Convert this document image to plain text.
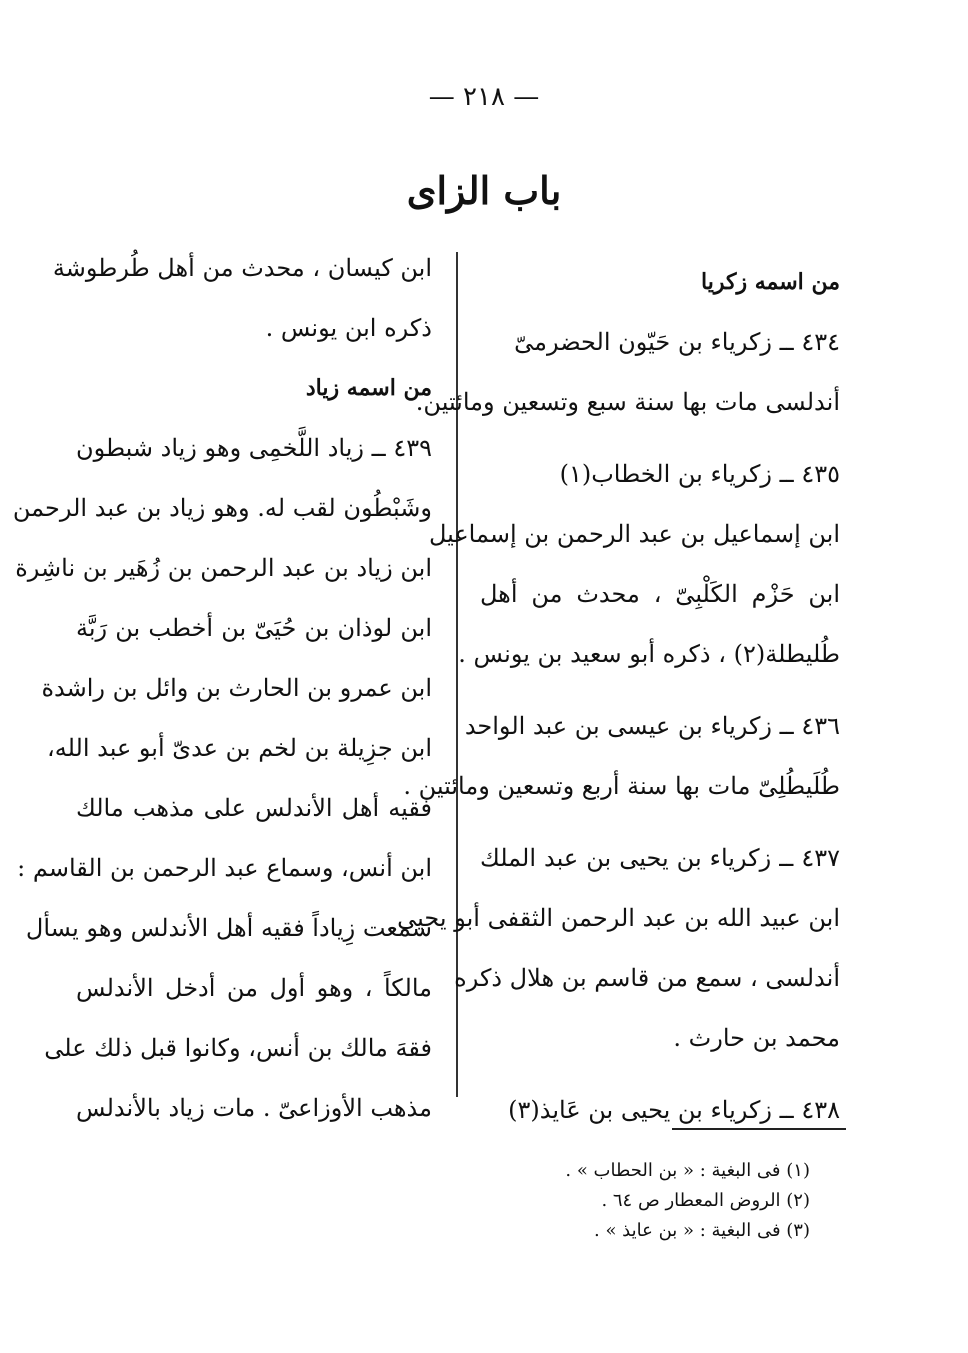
— ٢١٨ —
باب الزاى
من اسمه زكريا
٤٣٤ ــ زكرياء بن حَيّون الحضرمىّ
أندلسى مات بها سنة سبع وتسعين ومائتين.
٤٣٥ ــ زكرياء بن الخطاب(١)
ابن إسماعيل بن عبد الرحمن بن إسماعيل
ابن حَزْم الكَلْبِىّ ، محدث من أهل
طُليطلة(٢) ، ذكره أبو سعيد بن يونس .
٤٣٦ ــ زكرياء بن عيسى بن عبد الواحد
طُلَيطُلِىّ مات بها سنة أربع وتسعين ومائتين .
٤٣٧ ــ زكرياء بن يحيى بن عبد الملك
ابن عبيد الله بن عبد الرحمن الثقفى أبو يحيى
أندلسى ، سمع من قاسم بن هلال ذكره
محمد بن حارث .
٤٣٨ ــ زكرياء بن يحيى بن عَايذ(٣)
ابن كيسان ، محدث من أهل طُرطوشة
ذكره ابن يونس .
من اسمه زياد
٤٣٩ ــ زياد اللَّخمِى وهو زياد شبطون
وشَبْطُون لقب له. وهو زياد بن عبد الرحمن
ابن زياد بن عبد الرحمن بن زُهَير بن ناشِرة
ابن لوذان بن حُيَىّ بن أخطب بن رَبَّة
ابن عمرو بن الحارث بن وائل بن راشدة
ابن جزِيلة بن لخم بن عدىّ أبو عبد الله،
فقيه أهل الأندلس على مذهب مالك
ابن أنس، وسماع عبد الرحمن بن القاسم :
سمعت زِياداً فقيه أهل الأندلس وهو يسأل
مالكاً ، وهو أول من أدخل الأندلس
فقهَ مالك بن أنس، وكانوا قبل ذلك على
مذهب الأوزاعىّ . مات زياد بالأندلس
(١) فى البغية : « بن الحطاب » .
(٢) الروض المعطار ص ٦٤ .
(٣) فى البغية : « بن عايذ » .
